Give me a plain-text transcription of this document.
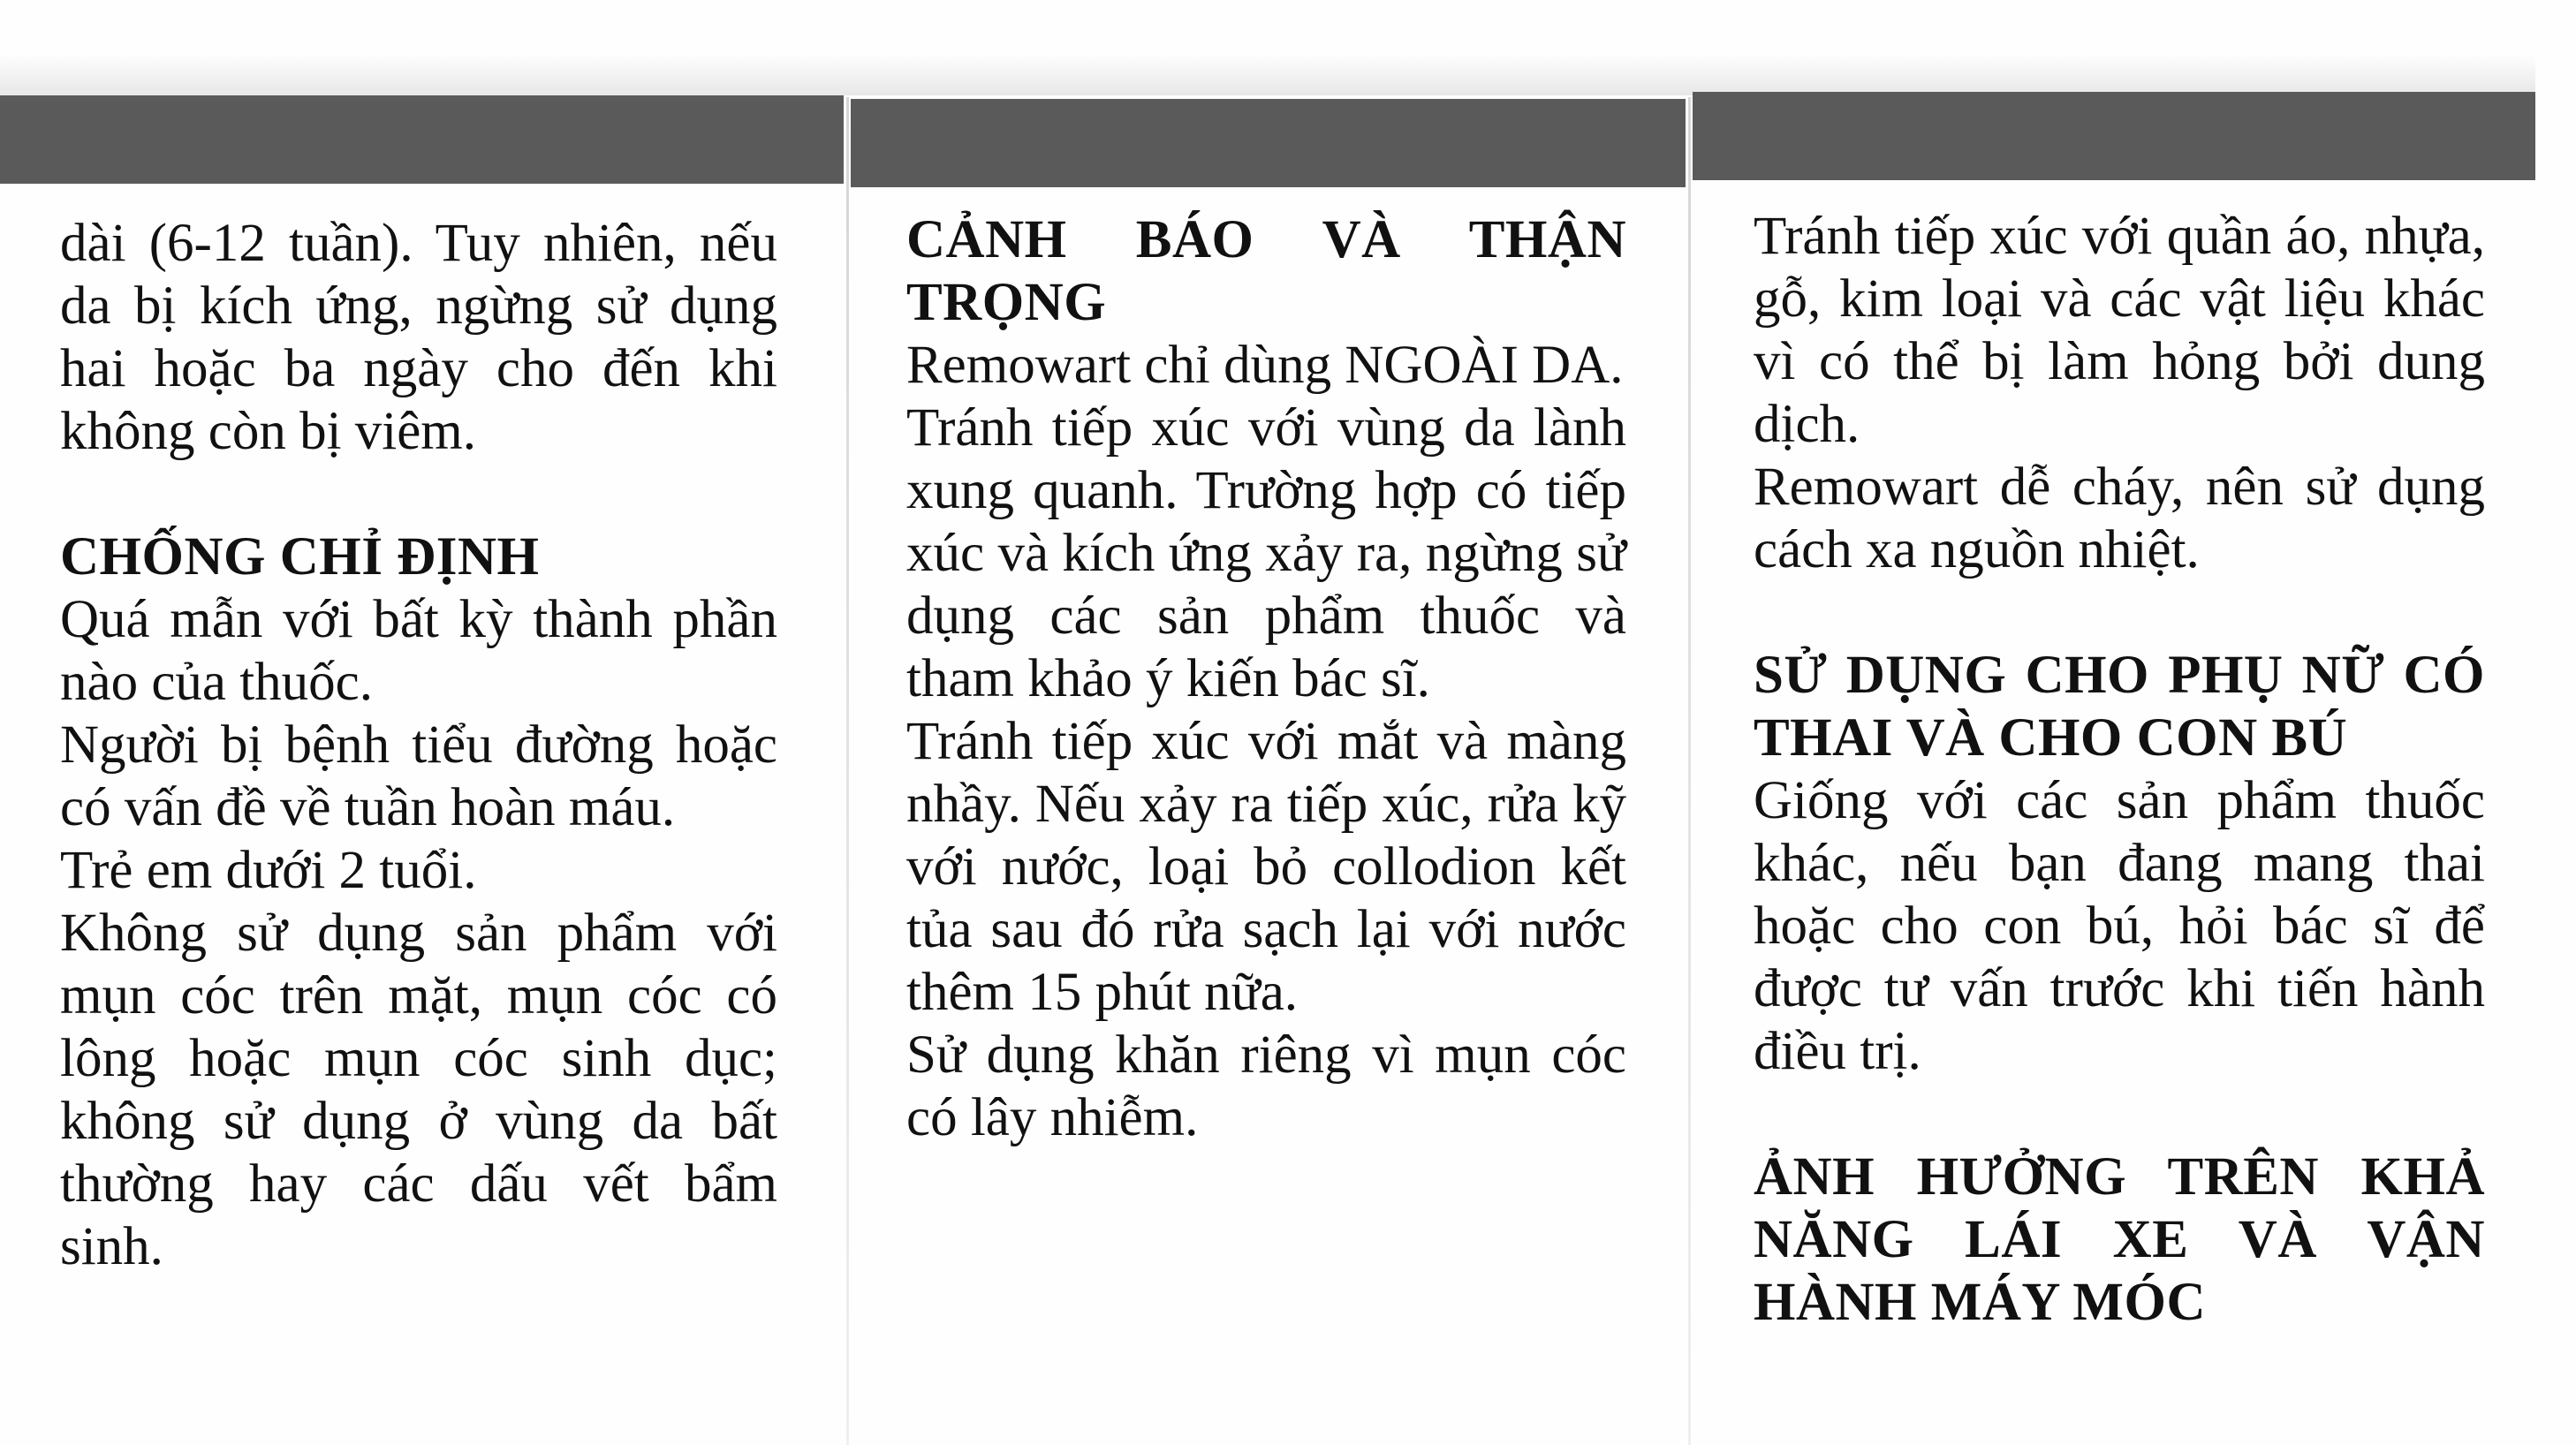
dài (6-12 tuần). Tuy nhiên, nếu da bị kích ứng, ngừng sử dụng hai hoặc ba ngày cho đến khi không còn bị viêm.

CHỐNG CHỈ ĐỊNH

Quá mẫn với bất kỳ thành phần nào của thuốc.

Người bị bệnh tiểu đường hoặc có vấn đề về tuần hoàn máu.

Trẻ em dưới 2 tuổi.

Không sử dụng sản phẩm với mụn cóc trên mặt, mụn cóc có lông hoặc mụn cóc sinh dục; không sử dụng ở vùng da bất thường hay các dấu vết bẩm sinh.

CẢNH BÁO VÀ THẬN TRỌNG

Remowart chỉ dùng NGOÀI DA.

Tránh tiếp xúc với vùng da lành xung quanh. Trường hợp có tiếp xúc và kích ứng xảy ra, ngừng sử dụng các sản phẩm thuốc và tham khảo ý kiến bác sĩ.

Tránh tiếp xúc với mắt và màng nhầy. Nếu xảy ra tiếp xúc, rửa kỹ với nước, loại bỏ collodion kết tủa sau đó rửa sạch lại với nước thêm 15 phút nữa.

Sử dụng khăn riêng vì mụn cóc có lây nhiễm.

Tránh tiếp xúc với quần áo, nhựa, gỗ, kim loại và các vật liệu khác vì có thể bị làm hỏng bởi dung dịch.

Remowart dễ cháy, nên sử dụng cách xa nguồn nhiệt.

SỬ DỤNG CHO PHỤ NỮ CÓ THAI VÀ CHO CON BÚ

Giống với các sản phẩm thuốc khác, nếu bạn đang mang thai hoặc cho con bú, hỏi bác sĩ để được tư vấn trước khi tiến hành điều trị.

ẢNH HƯỞNG TRÊN KHẢ NĂNG LÁI XE VÀ VẬN HÀNH MÁY MÓC
